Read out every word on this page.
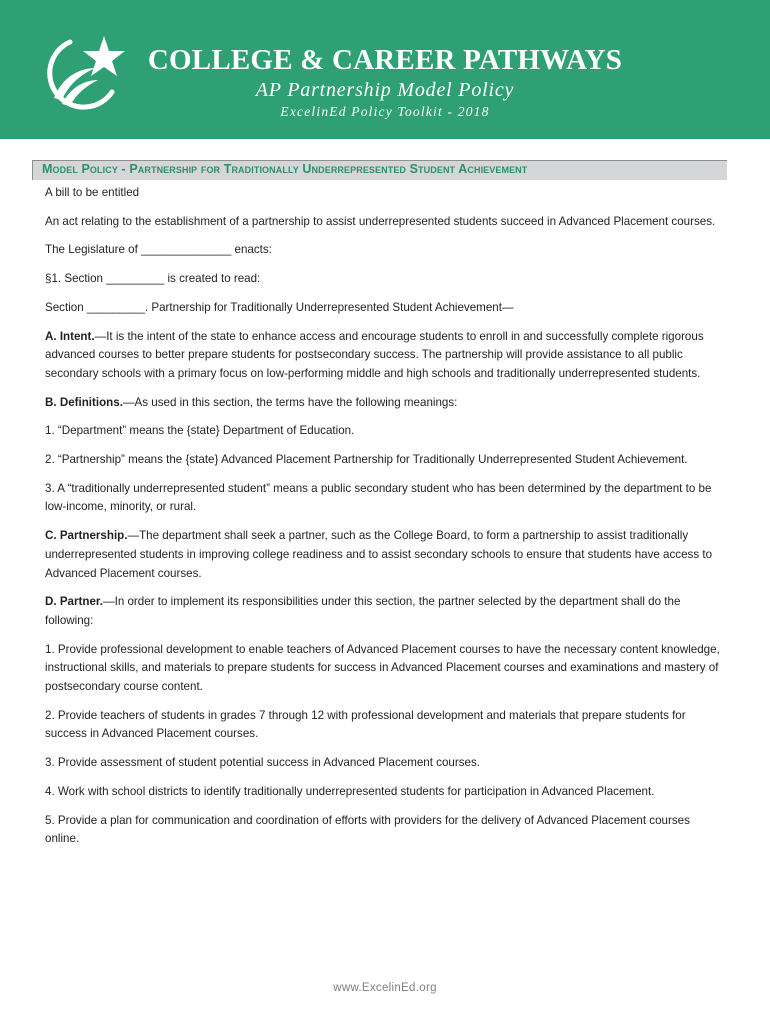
COLLEGE & CAREER PATHWAYS
AP Partnership Model Policy
ExcelinEd Policy Toolkit - 2018
Model Policy - Partnership for Traditionally Underrepresented Student Achievement

A bill to be entitled

An act relating to the establishment of a partnership to assist underrepresented students succeed in Advanced Placement courses.

The Legislature of ______________ enacts:

§1. Section _________ is created to read:

Section _________. Partnership for Traditionally Underrepresented Student Achievement—

A. Intent.—It is the intent of the state to enhance access and encourage students to enroll in and successfully complete rigorous advanced courses to better prepare students for postsecondary success. The partnership will provide assistance to all public secondary schools with a primary focus on low-performing middle and high schools and traditionally underrepresented students.

B. Definitions.—As used in this section, the terms have the following meanings:

1. “Department” means the {state} Department of Education.

2. “Partnership” means the {state} Advanced Placement Partnership for Traditionally Underrepresented Student Achievement.

3. A “traditionally underrepresented student” means a public secondary student who has been determined by the department to be low-income, minority, or rural.

C. Partnership.—The department shall seek a partner, such as the College Board, to form a partnership to assist traditionally underrepresented students in improving college readiness and to assist secondary schools to ensure that students have access to Advanced Placement courses.

D. Partner.—In order to implement its responsibilities under this section, the partner selected by the department shall do the following:

1. Provide professional development to enable teachers of Advanced Placement courses to have the necessary content knowledge, instructional skills, and materials to prepare students for success in Advanced Placement courses and examinations and mastery of postsecondary course content.

2. Provide teachers of students in grades 7 through 12 with professional development and materials that prepare students for success in Advanced Placement courses.

3. Provide assessment of student potential success in Advanced Placement courses.

4. Work with school districts to identify traditionally underrepresented students for participation in Advanced Placement.

5. Provide a plan for communication and coordination of efforts with providers for the delivery of Advanced Placement courses online.

www.ExcelinEd.org
